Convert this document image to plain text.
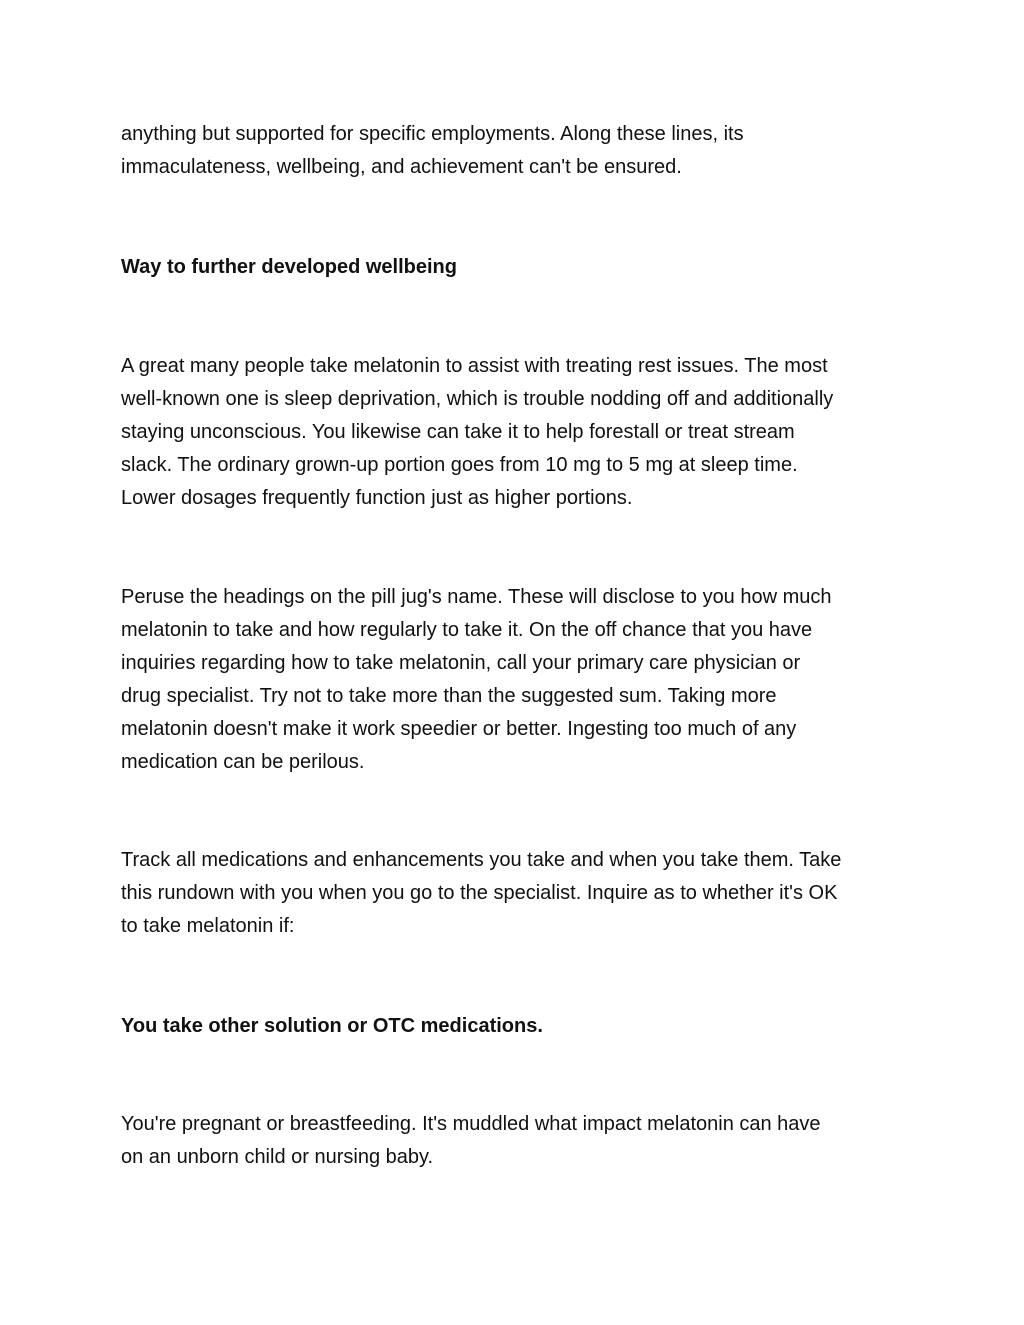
anything but supported for specific employments. Along these lines, its
immaculateness, wellbeing, and achievement can't be ensured.

Way to further developed wellbeing

A great many people take melatonin to assist with treating rest issues. The most
well-known one is sleep deprivation, which is trouble nodding off and additionally
staying unconscious. You likewise can take it to help forestall or treat stream
slack. The ordinary grown-up portion goes from 10 mg to 5 mg at sleep time.
Lower dosages frequently function just as higher portions.

Peruse the headings on the pill jug's name. These will disclose to you how much
melatonin to take and how regularly to take it. On the off chance that you have
inquiries regarding how to take melatonin, call your primary care physician or
drug specialist. Try not to take more than the suggested sum. Taking more
melatonin doesn't make it work speedier or better. Ingesting too much of any
medication can be perilous.

Track all medications and enhancements you take and when you take them. Take
this rundown with you when you go to the specialist. Inquire as to whether it's OK
to take melatonin if:

You take other solution or OTC medications.

You're pregnant or breastfeeding. It's muddled what impact melatonin can have
on an unborn child or nursing baby.
